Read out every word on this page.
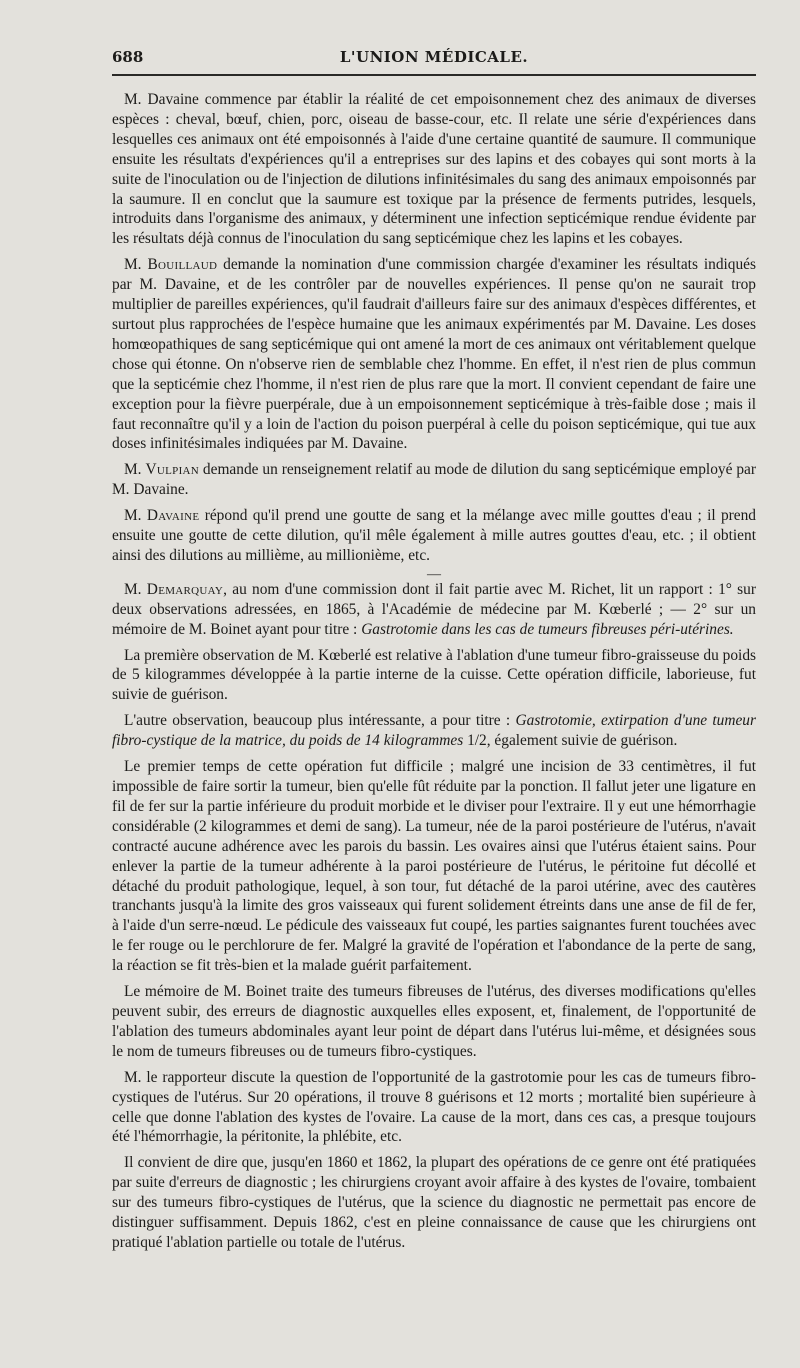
688	L'UNION MÉDICALE.

M. Davaine commence par établir la réalité de cet empoisonnement chez des animaux de diverses espèces : cheval, bœuf, chien, porc, oiseau de basse-cour, etc. Il relate une série d'expériences dans lesquelles ces animaux ont été empoisonnés à l'aide d'une certaine quantité de saumure. Il communique ensuite les résultats d'expériences qu'il a entreprises sur des lapins et des cobayes qui sont morts à la suite de l'inoculation ou de l'injection de dilutions infinitésimales du sang des animaux empoisonnés par la saumure. Il en conclut que la saumure est toxique par la présence de ferments putrides, lesquels, introduits dans l'organisme des animaux, y déterminent une infection septicémique rendue évidente par les résultats déjà connus de l'inoculation du sang septicémique chez les lapins et les cobayes.

M. Bouillaud demande la nomination d'une commission chargée d'examiner les résultats indiqués par M. Davaine, et de les contrôler par de nouvelles expériences. Il pense qu'on ne saurait trop multiplier de pareilles expériences, qu'il faudrait d'ailleurs faire sur des animaux d'espèces différentes, et surtout plus rapprochées de l'espèce humaine que les animaux expérimentés par M. Davaine. Les doses homœopathiques de sang septicémique qui ont amené la mort de ces animaux ont véritablement quelque chose qui étonne. On n'observe rien de semblable chez l'homme. En effet, il n'est rien de plus commun que la septicémie chez l'homme, il n'est rien de plus rare que la mort. Il convient cependant de faire une exception pour la fièvre puerpérale, due à un empoisonnement septicémique à très-faible dose ; mais il faut reconnaître qu'il y a loin de l'action du poison puerpéral à celle du poison septicémique, qui tue aux doses infinitésimales indiquées par M. Davaine.

M. Vulpian demande un renseignement relatif au mode de dilution du sang septicémique employé par M. Davaine.

M. Davaine répond qu'il prend une goutte de sang et la mélange avec mille gouttes d'eau ; il prend ensuite une goutte de cette dilution, qu'il mêle également à mille autres gouttes d'eau, etc. ; il obtient ainsi des dilutions au millième, au millionième, etc.

—

M. Demarquay, au nom d'une commission dont il fait partie avec M. Richet, lit un rapport : 1° sur deux observations adressées, en 1865, à l'Académie de médecine par M. Kœberlé ; — 2° sur un mémoire de M. Boinet ayant pour titre : Gastrotomie dans les cas de tumeurs fibreuses péri-utérines.

La première observation de M. Kœberlé est relative à l'ablation d'une tumeur fibro-graisseuse du poids de 5 kilogrammes développée à la partie interne de la cuisse. Cette opération difficile, laborieuse, fut suivie de guérison.

L'autre observation, beaucoup plus intéressante, a pour titre : Gastrotomie, extirpation d'une tumeur fibro-cystique de la matrice, du poids de 14 kilogrammes 1/2, également suivie de guérison.

Le premier temps de cette opération fut difficile ; malgré une incision de 33 centimètres, il fut impossible de faire sortir la tumeur, bien qu'elle fût réduite par la ponction. Il fallut jeter une ligature en fil de fer sur la partie inférieure du produit morbide et le diviser pour l'extraire. Il y eut une hémorrhagie considérable (2 kilogrammes et demi de sang). La tumeur, née de la paroi postérieure de l'utérus, n'avait contracté aucune adhérence avec les parois du bassin. Les ovaires ainsi que l'utérus étaient sains. Pour enlever la partie de la tumeur adhérente à la paroi postérieure de l'utérus, le péritoine fut décollé et détaché du produit pathologique, lequel, à son tour, fut détaché de la paroi utérine, avec des cautères tranchants jusqu'à la limite des gros vaisseaux qui furent solidement étreints dans une anse de fil de fer, à l'aide d'un serre-nœud. Le pédicule des vaisseaux fut coupé, les parties saignantes furent touchées avec le fer rouge ou le perchlorure de fer. Malgré la gravité de l'opération et l'abondance de la perte de sang, la réaction se fit très-bien et la malade guérit parfaitement.

Le mémoire de M. Boinet traite des tumeurs fibreuses de l'utérus, des diverses modifications qu'elles peuvent subir, des erreurs de diagnostic auxquelles elles exposent, et, finalement, de l'opportunité de l'ablation des tumeurs abdominales ayant leur point de départ dans l'utérus lui-même, et désignées sous le nom de tumeurs fibreuses ou de tumeurs fibro-cystiques.

M. le rapporteur discute la question de l'opportunité de la gastrotomie pour les cas de tumeurs fibro-cystiques de l'utérus. Sur 20 opérations, il trouve 8 guérisons et 12 morts ; mortalité bien supérieure à celle que donne l'ablation des kystes de l'ovaire. La cause de la mort, dans ces cas, a presque toujours été l'hémorrhagie, la péritonite, la phlébite, etc.

Il convient de dire que, jusqu'en 1860 et 1862, la plupart des opérations de ce genre ont été pratiquées par suite d'erreurs de diagnostic ; les chirurgiens croyant avoir affaire à des kystes de l'ovaire, tombaient sur des tumeurs fibro-cystiques de l'utérus, que la science du diagnostic ne permettait pas encore de distinguer suffisamment. Depuis 1862, c'est en pleine connaissance de cause que les chirurgiens ont pratiqué l'ablation partielle ou totale de l'utérus.
